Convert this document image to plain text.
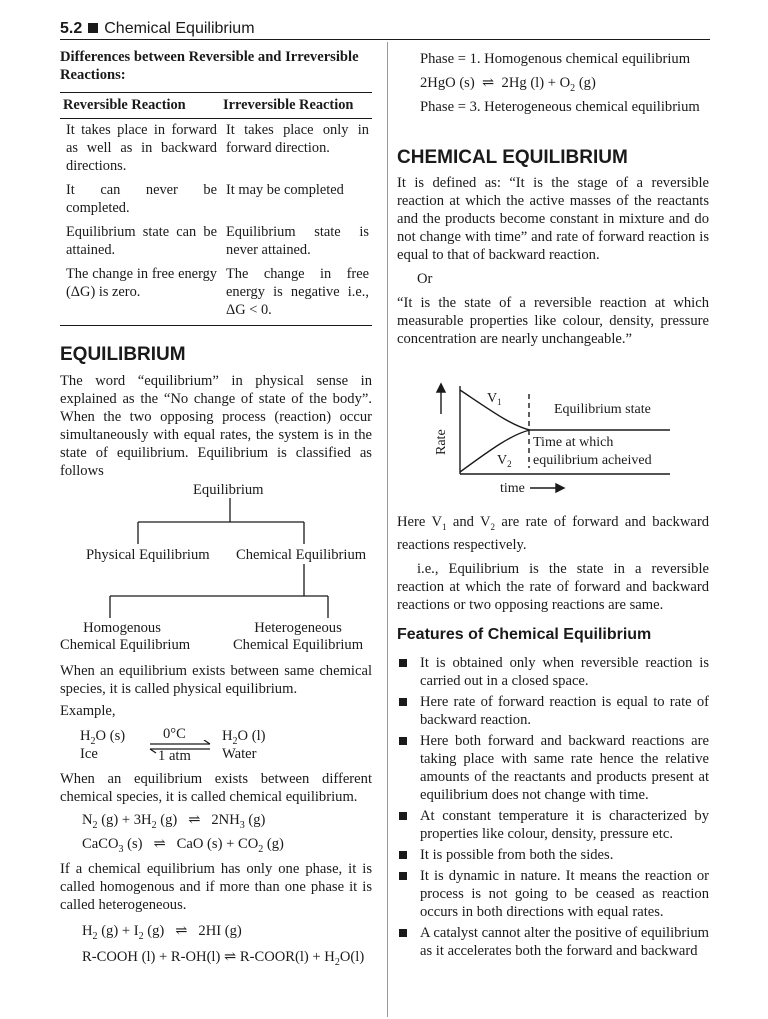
5.2 Chemical Equilibrium

Differences between Reversible and Irreversible Reactions:

Reversible Reaction	Irreversible Reaction
It takes place in forward as well as in backward directions.	It takes place only in forward direction.
It can never be completed.	It may be completed
Equilibrium state can be attained.	Equilibrium state is never attained.
The change in free energy (ΔG) is zero.	The change in free energy is negative i.e., ΔG < 0.
EQUILIBRIUM

The word “equilibrium” in physical sense in explained as the “No change of state of the body”. When the two opposing process (reaction) occur simultaneously with equal rates, the system is in the state of equilibrium. Equilibrium is classified as follows

Equilibrium
Physical Equilibrium Chemical Equilibrium
Homogenous
Chemical Equilibrium
Heterogeneous
Chemical Equilibrium

When an equilibrium exists between same chemical species, it is called physical equilibrium.

Example,

$H_2O$ (s)
Ice
0°C
1 atm
$H_2O$ (l)
Water

When an equilibrium exists between different chemical species, it is called chemical equilibrium.

$N_2$ $(g) + 3H_2$ (g)   ⇌   $2NH_3$ (g)
CaCO$_3$ (s)   ⇌   CaO $(s) + CO_2$ (g)

If a chemical equilibrium has only one phase, it is called homogenous and if more than one phase it is called heterogeneous.

$H_2$ $(g) + I_2$ (g)   ⇌   2HI (g)
R-COOH (l) + R-OH(l) ⇌ R-COOR(l) + $H_2O(l)$
Phase = 1. Homogenous chemical equilibrium
2HgO (s)  ⇌  2Hg $(l) + O_2$ (g)
Phase = 3. Heterogeneous chemical equilibrium
CHEMICAL EQUILIBRIUM

It is defined as: “It is the stage of a reversible reaction at which the active masses of the reactants and the products become constant in mixture and do not change with time” and rate of forward reaction is equal to that of backward reaction.

Or

“It is the state of a reversible reaction at which measurable properties like colour, density, pressure concentration are nearly unchangeable.”

Rate
$V_1$
$V_2$
Equilibrium state
Time at which
equilibrium acheived
time

Here $V_1$ and $V_2$ are rate of forward and backward reactions respectively.

i.e., Equilibrium is the state in a reversible reaction at which the rate of forward and backward reactions or two opposing reactions are same.

Features of Chemical Equilibrium
It is obtained only when reversible reaction is carried out in a closed space.
Here rate of forward reaction is equal to rate of backward reaction.
Here both forward and backward reactions are taking place with same rate hence the relative amounts of the reactants and products present at equilibrium does not change with time.
At constant temperature it is characterized by properties like colour, density, pressure etc.
It is possible from both the sides.
It is dynamic in nature. It means the reaction or process is not going to be ceased as reaction occurs in both directions with equal rates.
A catalyst cannot alter the positive of equilibrium as it accelerates both the forward and backward
